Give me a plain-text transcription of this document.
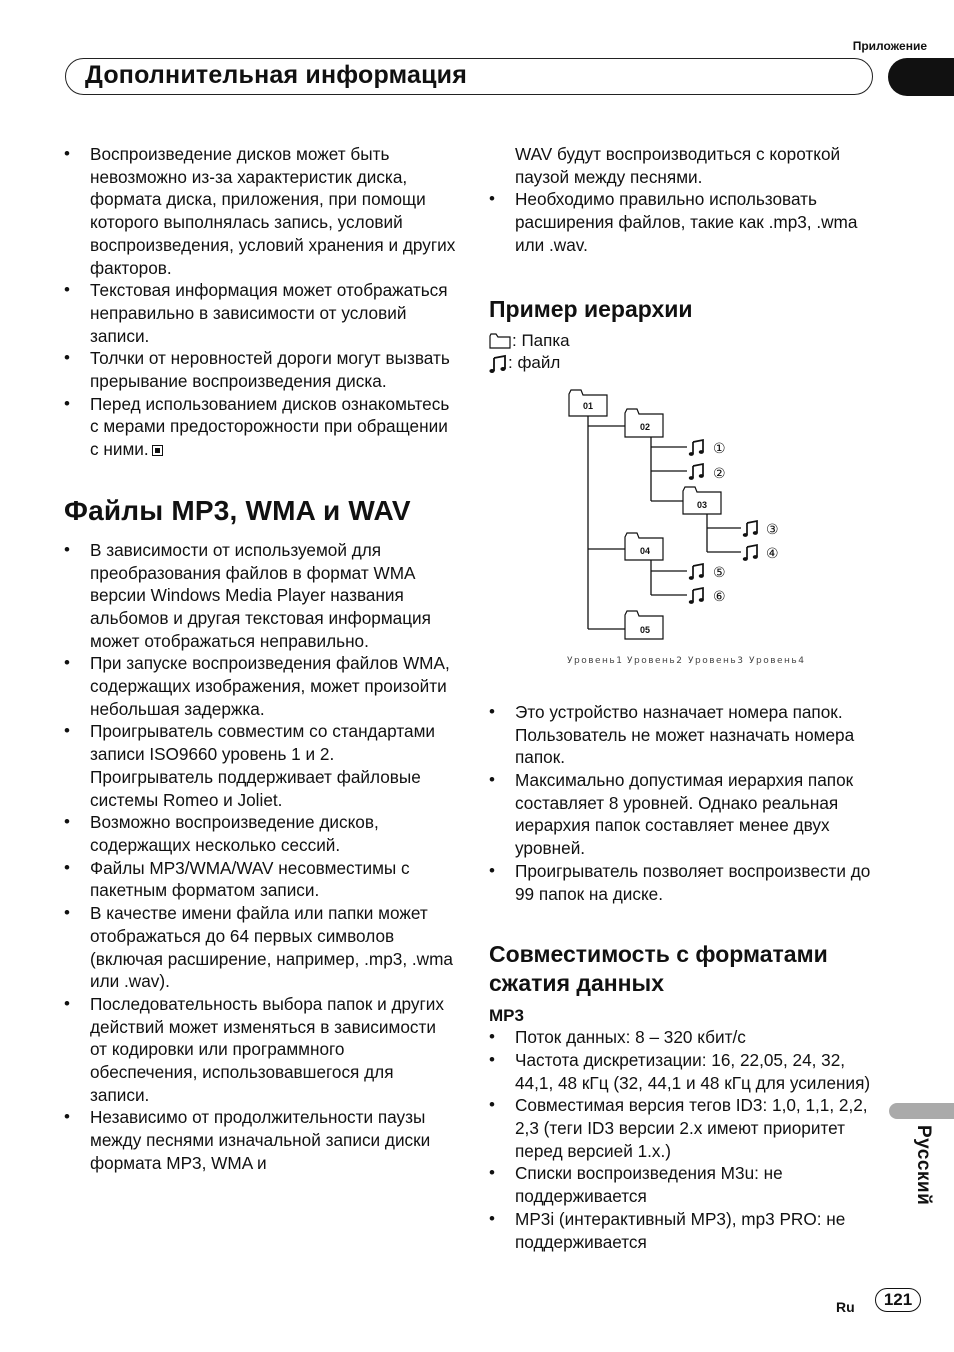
Приложение
Дополнительная информация
• Воспроизведение дисков может быть невозможно из-за характеристик диска, формата диска, приложения, при помощи которого выполнялась запись, условий воспроизведения, условий хранения и других факторов.
• Текстовая информация может отображаться неправильно в зависимости от условий записи.
• Толчки от неровностей дороги могут вызвать прерывание воспроизведения диска.
• Перед использованием дисков ознакомьтесь с мерами предосторожности при обращении с ними.
Файлы MP3, WMA и WAV
• В зависимости от используемой для преобразования файлов в формат WMA версии Windows Media Player названия альбомов и другая текстовая информация может отображаться неправильно.
• При запуске воспроизведения файлов WMA, содержащих изображения, может произойти небольшая задержка.
• Проигрыватель совместим со стандартами записи ISO9660 уровень 1 и 2. Проигрыватель поддерживает файловые системы Romeo и Joliet.
• Возможно воспроизведение дисков, содержащих несколько сессий.
• Файлы MP3/WMA/WAV несовместимы с пакетным форматом записи.
• В качестве имени файла или папки может отображаться до 64 первых символов (включая расширение, например, .mp3, .wma или .wav).
• Последовательность выбора папок и других действий может изменяться в зависимости от кодировки или программного обеспечения, использовавшегося для записи.
• Независимо от продолжительности паузы между песнями изначальной записи диски формата MP3, WMA и
WAV будут воспроизводиться с короткой паузой между песнями.
• Необходимо правильно использовать расширения файлов, такие как .mp3, .wma или .wav.
Пример иерархии
: Папка
: файл
• Это устройство назначает номера папок. Пользователь не может назначать номера папок.
• Максимально допустимая иерархия папок составляет 8 уровней. Однако реальная иерархия папок составляет менее двух уровней.
• Проигрыватель позволяет воспроизвести до 99 папок на диске.
Совместимость с форматами
сжатия данных
MP3
• Поток данных: 8 – 320 кбит/с
• Частота дискретизации: 16, 22,05, 24, 32, 44,1, 48 кГц (32, 44,1 и 48 кГц для усиления)
• Совместимая версия тегов ID3: 1,0, 1,1, 2,2, 2,3 (теги ID3 версии 2.x имеют приоритет перед версией 1.x.)
• Списки воспроизведения M3u: не поддерживается
• MP3i (интерактивный MP3), mp3 PRO: не поддерживается
01
02
03
04
05
①
②
③
④
⑤
⑥
Уровень1 Уровень2 Уровень3 Уровень4
Русский
Ru	121
